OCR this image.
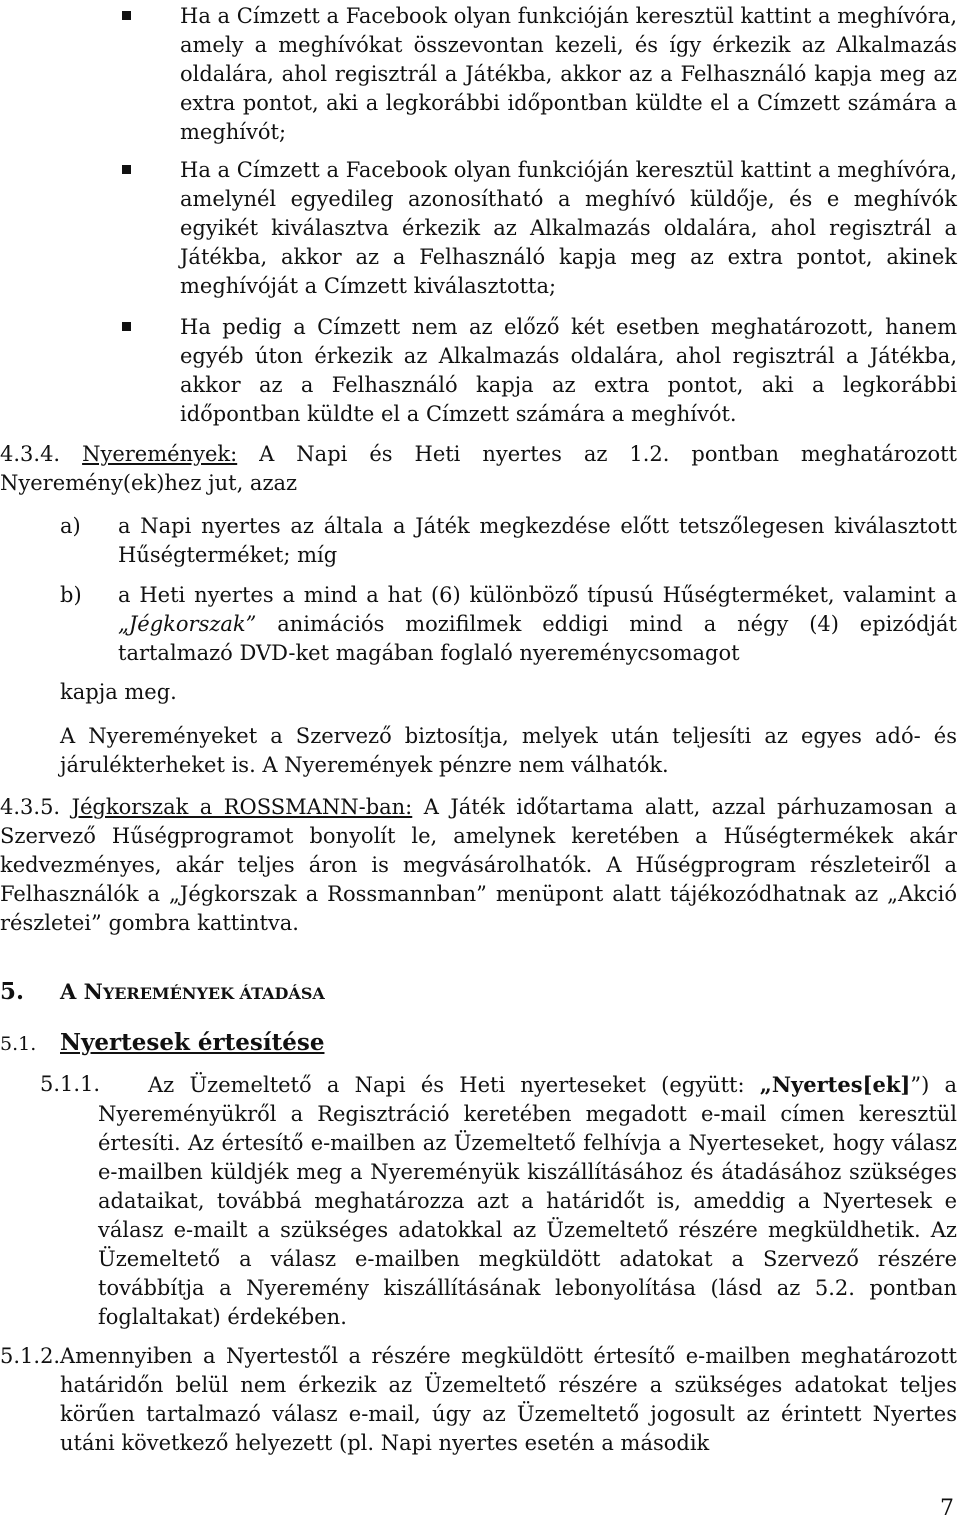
Ha a Címzett a Facebook olyan funkcióján keresztül kattint a meghívóra, amely a meghívókat összevontan kezeli, és így érkezik az Alkalmazás oldalára, ahol regisztrál a Játékba, akkor az a Felhasználó kapja meg az extra pontot, aki a legkorábbi időpontban küldte el a Címzett számára a meghívót;
Ha a Címzett a Facebook olyan funkcióján keresztül kattint a meghívóra, amelynél egyedileg azonosítható a meghívó küldője, és e meghívók egyikét kiválasztva érkezik az Alkalmazás oldalára, ahol regisztrál a Játékba, akkor az a Felhasználó kapja meg az extra pontot, akinek meghívóját a Címzett kiválasztotta;
Ha pedig a Címzett nem az előző két esetben meghatározott, hanem egyéb úton érkezik az Alkalmazás oldalára, ahol regisztrál a Játékba, akkor az a Felhasználó kapja az extra pontot, aki a legkorábbi időpontban küldte el a Címzett számára a meghívót.
4.3.4. Nyeremények: A Napi és Heti nyertes az 1.2. pontban meghatározott Nyeremény(ek)hez jut, azaz
a) a Napi nyertes az általa a Játék megkezdése előtt tetszőlegesen kiválasztott Hűségterméket; míg
b) a Heti nyertes a mind a hat (6) különböző típusú Hűségterméket, valamint a „Jégkorszak” animációs mozifilmek eddigi mind a négy (4) epizódját tartalmazó DVD-ket magában foglaló nyereménycsomagot
kapja meg.
A Nyereményeket a Szervező biztosítja, melyek után teljesíti az egyes adó- és járulékterheket is. A Nyeremények pénzre nem válhatók.
4.3.5. Jégkorszak a ROSSMANN-ban: A Játék időtartama alatt, azzal párhuzamosan a Szervező Hűségprogramot bonyolít le, amelynek keretében a Hűségtermékek akár kedvezményes, akár teljes áron is megvásárolhatók. A Hűségprogram részleteiről a Felhasználók a „Jégkorszak a Rossmannban” menüpont alatt tájékozódhatnak az „Akció részletei” gombra kattintva.
5. A NYEREMÉNYEK ÁTADÁSA
5.1. Nyertesek értesítése
5.1.1.	Az Üzemeltető a Napi és Heti nyerteseket (együtt: „Nyertes[ek]”) a Nyereményükről a Regisztráció keretében megadott e-mail címen keresztül értesíti. Az értesítő e-mailben az Üzemeltető felhívja a Nyerteseket, hogy válasz e-mailben küldjék meg a Nyereményük kiszállításához és átadásához szükséges adataikat, továbbá meghatározza azt a határidőt is, ameddig a Nyertesek e válasz e-mailt a szükséges adatokkal az Üzemeltető részére megküldhetik. Az Üzemeltető a válasz e-mailben megküldött adatokat a Szervező részére továbbítja a Nyeremény kiszállításának lebonyolítása (lásd az 5.2. pontban foglaltakat) érdekében.
5.1.2. Amennyiben a Nyertestől a részére megküldött értesítő e-mailben meghatározott határidőn belül nem érkezik az Üzemeltető részére a szükséges adatokat teljes körűen tartalmazó válasz e-mail, úgy az Üzemeltető jogosult az érintett Nyertes utáni következő helyezett (pl. Napi nyertes esetén a második
7
